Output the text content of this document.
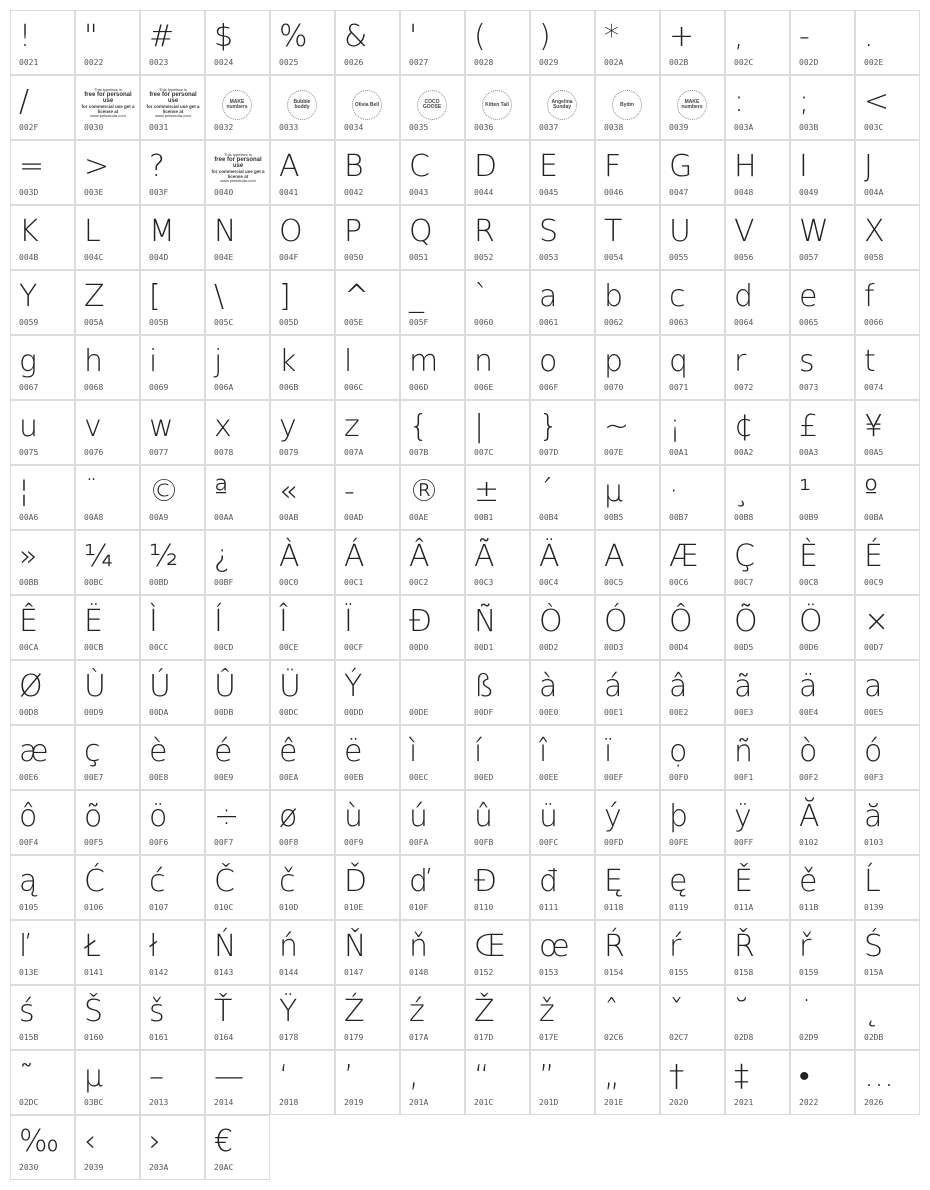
!
0021
"
0022
#
0023
$
0024
%
0025
&
0026
'
0027
(
0028
)
0029
*
002A
+
002B
,
002C
-
002D
.
002E
/
002F
This typeface is
free for personal use
for commercial use get a license at
www.pelsotoda.com
0030
This typeface is
free for personal use
for commercial use get a license at
www.pelsotoda.com
0031
MAKE numbers
0032
Bubble buddy
0033
Olivia Bell
0034
COCO GOOSE
0035
Kitten Tail
0036
Angelina Sunday
0037
Bydm
0038
MAKE numbers
0039
:
003A
;
003B
<
003C
=
003D
>
003E
?
003F
This typeface is
free for personal use
for commercial use get a license at
www.pelsotoda.com
0040
A
0041
B
0042
C
0043
D
0044
E
0045
F
0046
G
0047
H
0048
I
0049
J
004A
K
004B
L
004C
M
004D
N
004E
O
004F
P
0050
Q
0051
R
0052
S
0053
T
0054
U
0055
V
0056
W
0057
X
0058
Y
0059
Z
005A
[
005B
\
005C
]
005D
^
005E
_
005F
`
0060
a
0061
b
0062
c
0063
d
0064
e
0065
f
0066
g
0067
h
0068
i
0069
j
006A
k
006B
l
006C
m
006D
n
006E
o
006F
p
0070
q
0071
r
0072
s
0073
t
0074
u
0075
v
0076
w
0077
x
0078
y
0079
z
007A
{
007B
|
007C
}
007D
~
007E
¡
00A1
¢
00A2
£
00A3
¥
00A5
¦
00A6
¨
00A8
©
00A9
ª
00AA
«
00AB
-
00AD
®
00AE
±
00B1
´
00B4
µ
00B5
·
00B7
¸
00B8
¹
00B9
º
00BA
»
00BB
¼
00BC
½
00BD
¿
00BF
À
00C0
Á
00C1
Â
00C2
Ã
00C3
Ä
00C4
A
00C5
Æ
00C6
Ç
00C7
È
00C8
É
00C9
Ê
00CA
Ë
00CB
Ì
00CC
Í
00CD
Î
00CE
Ï
00CF
Đ
00D0
Ñ
00D1
Ò
00D2
Ó
00D3
Ô
00D4
Õ
00D5
Ö
00D6
×
00D7
Ø
00D8
Ù
00D9
Ú
00DA
Û
00DB
Ü
00DC
Ý
00DD	00DE
ß
00DF
à
00E0
á
00E1
â
00E2
ã
00E3
ä
00E4
a
00E5
æ
00E6
ç
00E7
è
00E8
é
00E9
ê
00EA
ë
00EB
ì
00EC
í
00ED
î
00EE
ï
00EF
ọ
00F0
ñ
00F1
ò
00F2
ó
00F3
ô
00F4
õ
00F5
ö
00F6
÷
00F7
ø
00F8
ù
00F9
ú
00FA
û
00FB
ü
00FC
ý
00FD
þ
00FE
ÿ
00FF
Ă
0102
ă
0103
ą
0105
Ć
0106
ć
0107
Č
010C
č
010D
Ď
010E
ď
010F
Đ
0110
đ
0111
Ę
0118
ę
0119
Ě
011A
ě
011B
Ĺ
0139
ľ
013E
Ł
0141
ł
0142
Ń
0143
ń
0144
Ň
0147
ň
0148
Œ
0152
œ
0153
Ŕ
0154
ŕ
0155
Ř
0158
ř
0159
Ś
015A
ś
015B
Š
0160
š
0161
Ť
0164
Ÿ
0178
Ź
0179
ź
017A
Ž
017D
ž
017E
ˆ
02C6
ˇ
02C7
˘
02D8
˙
02D9
˛
02DB
˜
02DC
μ
03BC
–
2013
—
2014
‘
2018
’
2019
‚
201A
“
201C
”
201D
„
201E
†
2020
‡
2021
•
2022
…
2026
‰
2030
‹
2039
›
203A
€
20AC
